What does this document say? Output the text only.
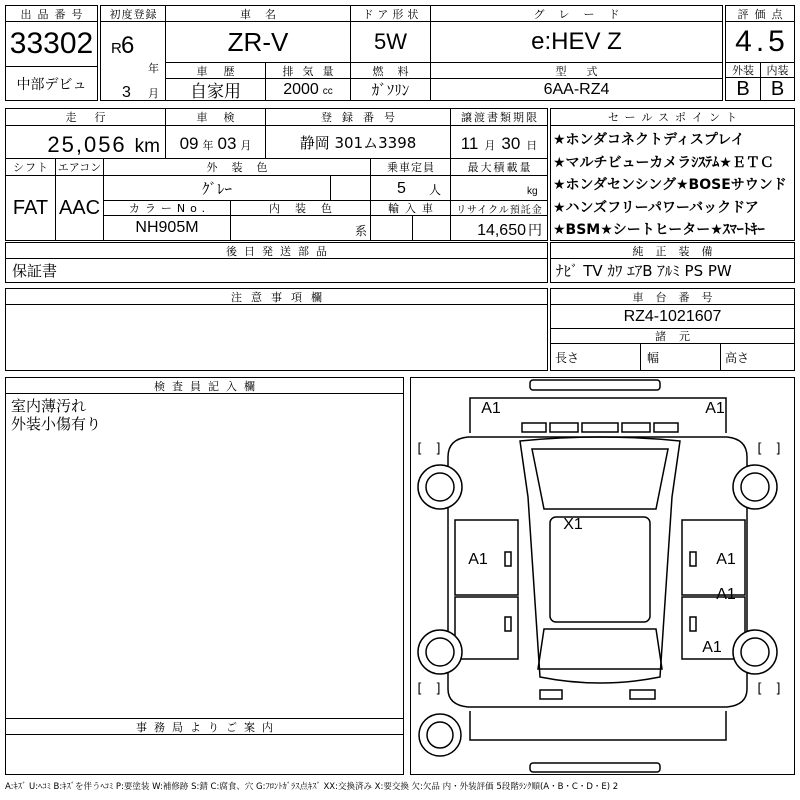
出品番号
33302
中部デビュ
初度登録
R 6
年
3 月
車名
ZR-V
ドア形状
5W
グレード
e:HEV Z
車歴
自家用
排気量
2000 cc
燃料
ｶﾞｿﾘﾝ
型式
6AA-RZ4
評価点
4.5
外装	内装
B	B
走行
25,056 km
車検
09 年 03 月
登録番号
静岡 301ム3398
譲渡書類期限
11 月 30 日
シフト
FAT
エアコン
AAC
外装色
ｸﾞﾚｰ
乗車定員
5 人
最大積載量
kg
カラーNo.
NH905M
内装色
系
輸入車	リサイクル預託金
14,650 円
セールスポイント
★ホンダコネクトディスプレイ
★マルチビューカメラｼｽﾃﾑ★ＥＴＣ
★ホンダセンシング★BOSEサウンド
★ハンズフリーパワーバックドア
★BSM★シートヒーター★ｽﾏｰﾄｷｰ
後日発送部品
保証書
純正装備
ﾅﾋﾞ TV ｶﾜ ｴｱB ｱﾙﾐ PS PW
注意事項欄	車台番号
RZ4-1021607
諸元
長さ	幅	高さ
検査員記入欄
室内薄汚れ
外装小傷有り
事務局よりご案内
A1	A1
X1
A1	A1
A1
A1
[　]	[　]
[　]	[　]
A:ｷｽﾞ U:ﾍｺﾐ B:ｷｽﾞを伴うﾍｺﾐ P:要塗装 W:補修跡 S:錆 C:腐食、穴 G:ﾌﾛﾝﾄｶﾞﾗｽ点ｷｽﾞ XX:交換済み X:要交換 欠:欠品 内・外装評価 5段階ﾗﾝｸ順(A・B・C・D・E) 2
